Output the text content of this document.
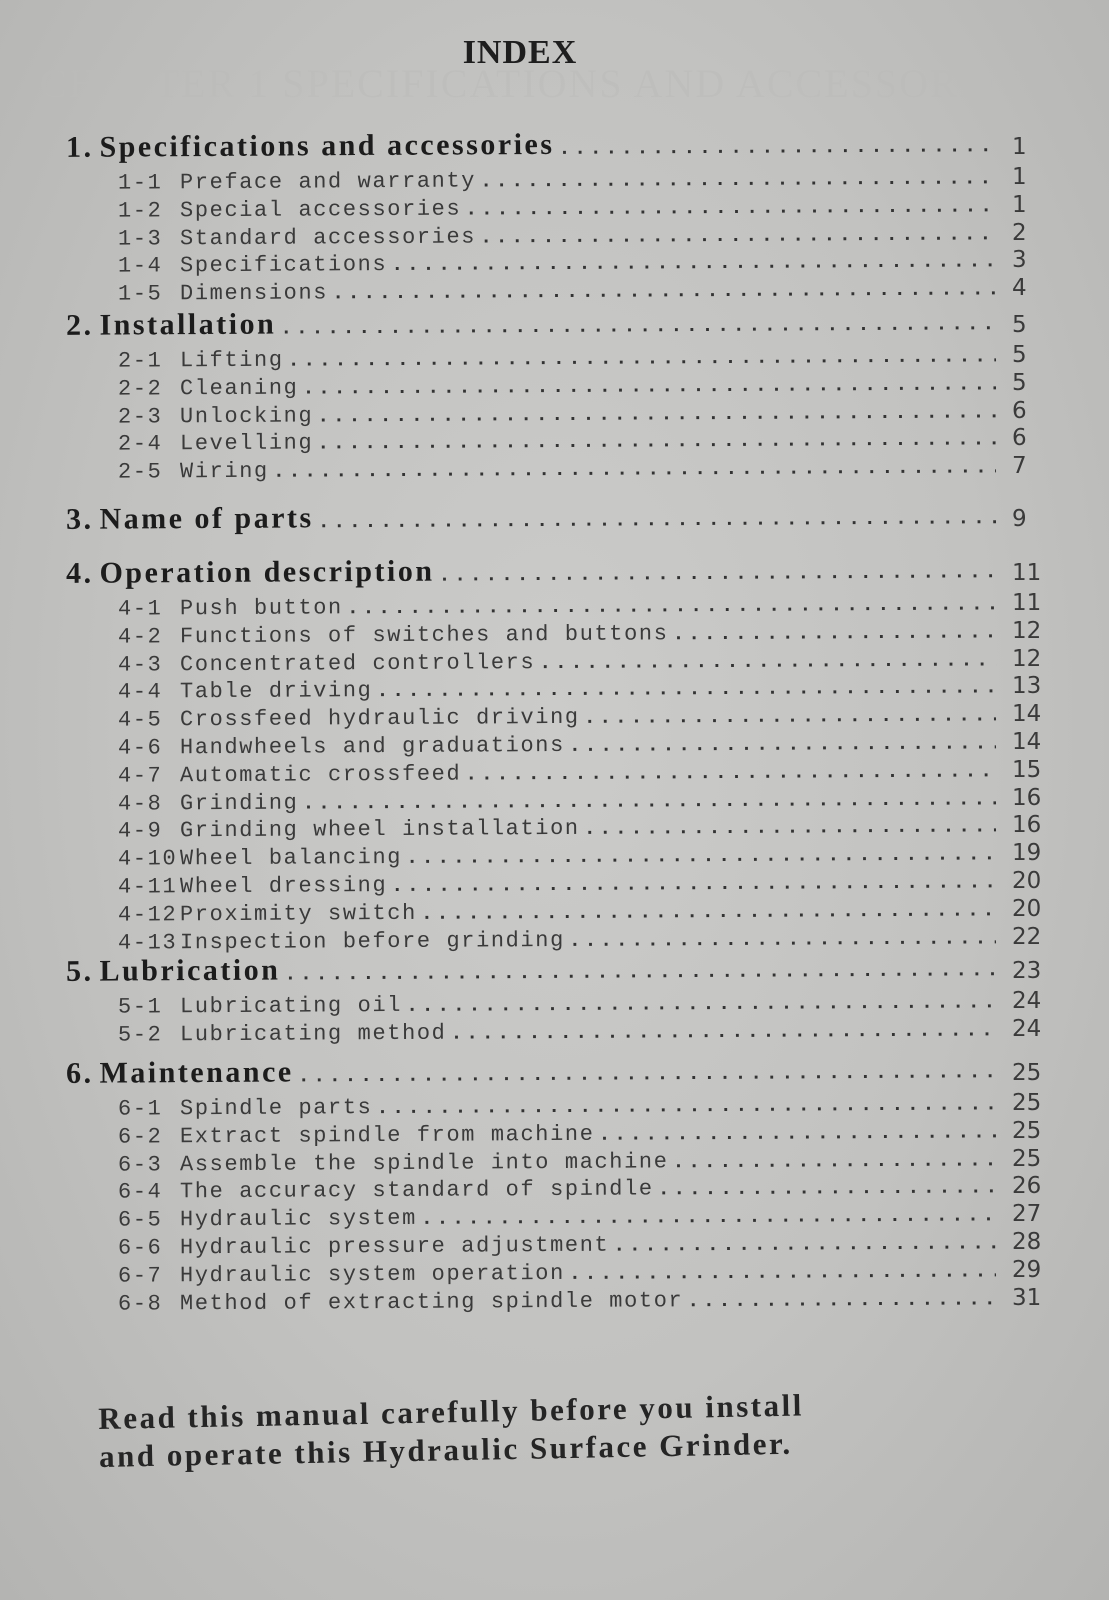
CHAPTER 1 SPECIFICATIONS AND ACCESSORIES
INDEX
1. Specifications and accessories .....	1
1-1 Preface and warranty .....	1
1-2 Special accessories .....	1
1-3 Standard accessories .....	2
1-4 Specifications .....	3
1-5 Dimensions .....	4
2. Installation .....	5
2-1 Lifting .....	5
2-2 Cleaning .....	5
2-3 Unlocking .....	6
2-4 Levelling .....	6
2-5 Wiring .....	7
3. Name of parts .....	9
4. Operation description .....	11
4-1 Push button .....	11
4-2 Functions of switches and buttons .....	12
4-3 Concentrated controllers .....	12
4-4 Table driving .....	13
4-5 Crossfeed hydraulic driving .....	14
4-6 Handwheels and graduations .....	14
4-7 Automatic crossfeed .....	15
4-8 Grinding .....	16
4-9 Grinding wheel installation .....	16
4-10 Wheel balancing .....	19
4-11 Wheel dressing .....	20
4-12 Proximity switch .....	20
4-13 Inspection before grinding .....	22
5. Lubrication .....	23
5-1 Lubricating oil .....	24
5-2 Lubricating method .....	24
6. Maintenance .....	25
6-1 Spindle parts .....	25
6-2 Extract spindle from machine .....	25
6-3 Assemble the spindle into machine .....	25
6-4 The accuracy standard of spindle .....	26
6-5 Hydraulic system .....	27
6-6 Hydraulic pressure adjustment .....	28
6-7 Hydraulic system operation .....	29
6-8 Method of extracting spindle motor .....	31
Read this manual carefully before you install
and operate this Hydraulic Surface Grinder.
